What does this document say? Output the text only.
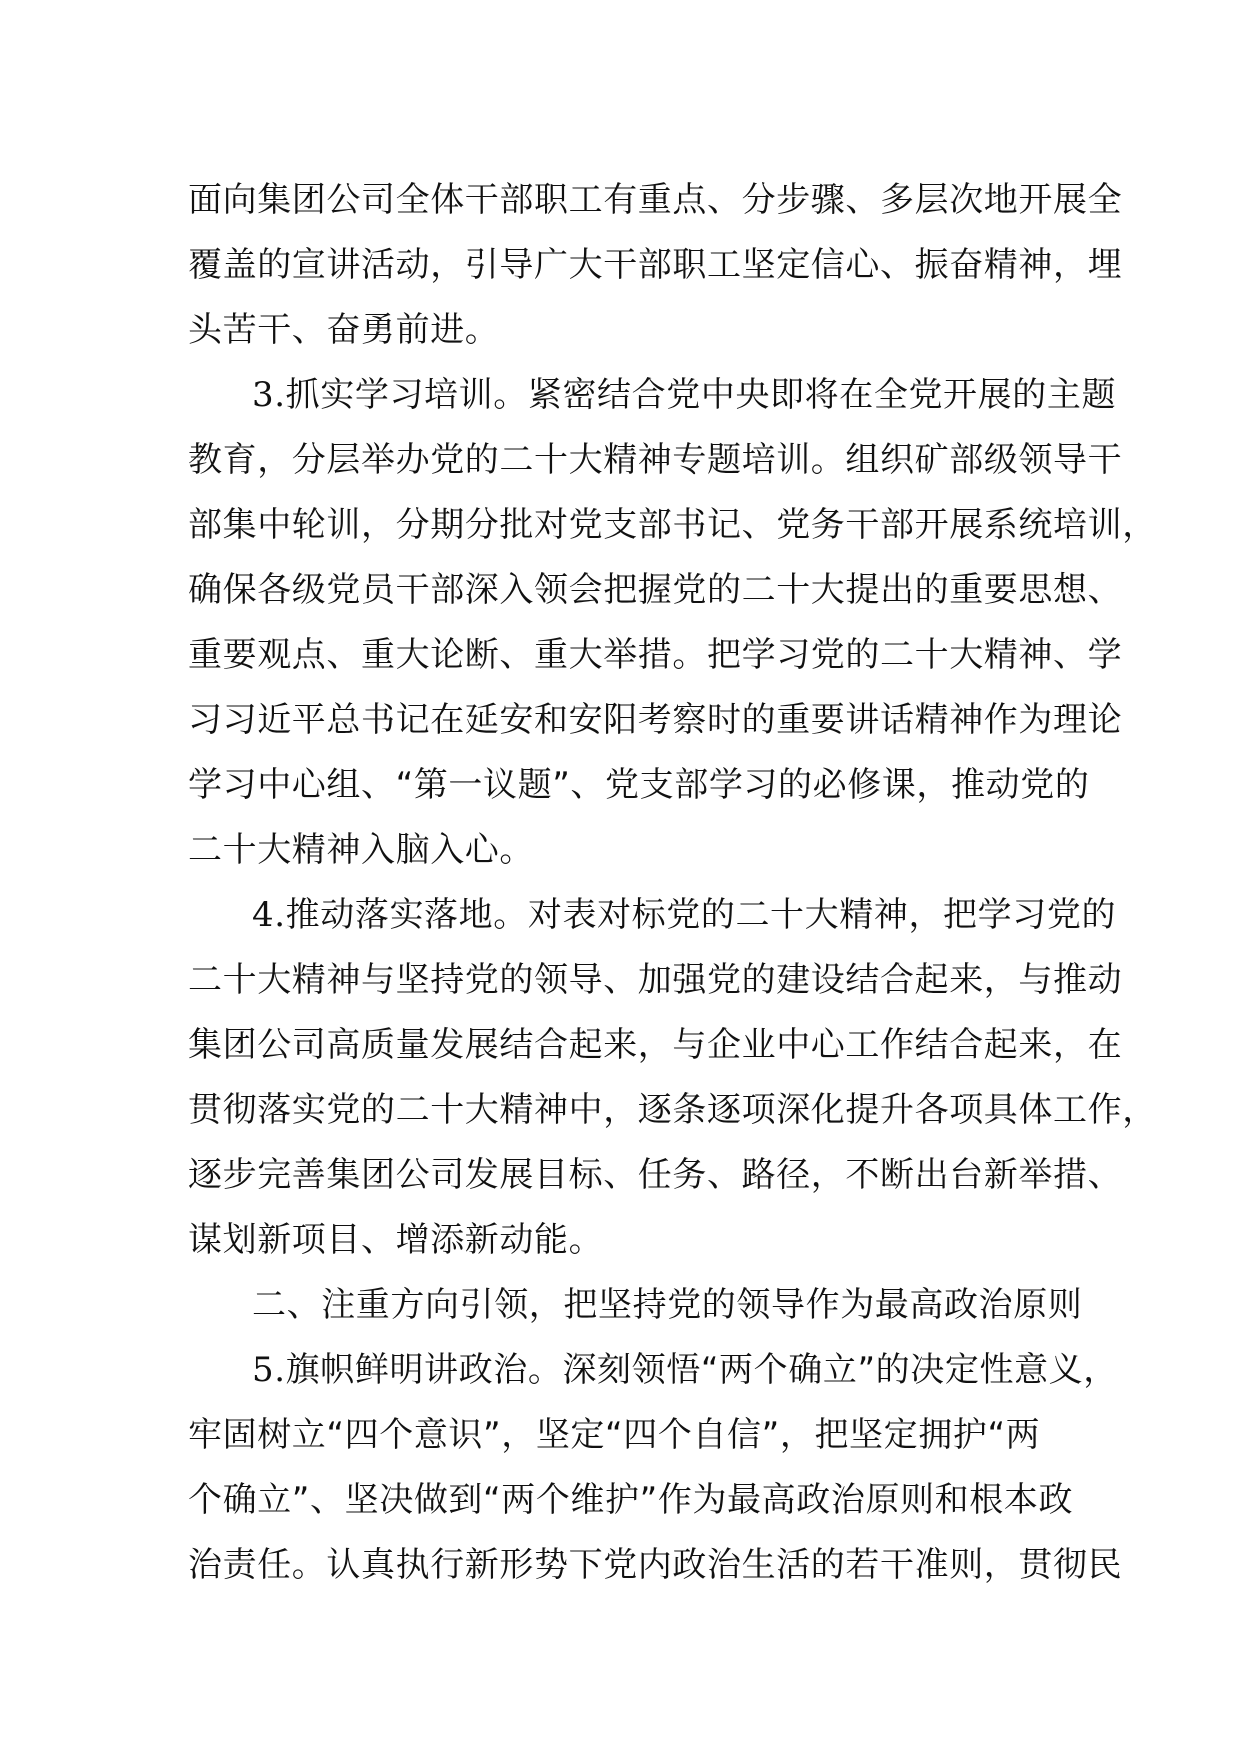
面向集团公司全体干部职工有重点、分步骤、多层次地开展全
覆盖的宣讲活动，引导广大干部职工坚定信心、振奋精神，埋
头苦干、奋勇前进。
3.抓实学习培训。紧密结合党中央即将在全党开展的主题
教育，分层举办党的二十大精神专题培训。组织矿部级领导干
部集中轮训，分期分批对党支部书记、党务干部开展系统培训，
确保各级党员干部深入领会把握党的二十大提出的重要思想、
重要观点、重大论断、重大举措。把学习党的二十大精神、学
习习近平总书记在延安和安阳考察时的重要讲话精神作为理论
学习中心组、“第一议题”、党支部学习的必修课，推动党的
二十大精神入脑入心。
4.推动落实落地。对表对标党的二十大精神，把学习党的
二十大精神与坚持党的领导、加强党的建设结合起来，与推动
集团公司高质量发展结合起来，与企业中心工作结合起来，在
贯彻落实党的二十大精神中，逐条逐项深化提升各项具体工作，
逐步完善集团公司发展目标、任务、路径，不断出台新举措、
谋划新项目、增添新动能。
二、注重方向引领，把坚持党的领导作为最高政治原则
5.旗帜鲜明讲政治。深刻领悟“两个确立”的决定性意义，
牢固树立“四个意识”，坚定“四个自信”，把坚定拥护“两
个确立”、坚决做到“两个维护”作为最高政治原则和根本政
治责任。认真执行新形势下党内政治生活的若干准则，贯彻民
